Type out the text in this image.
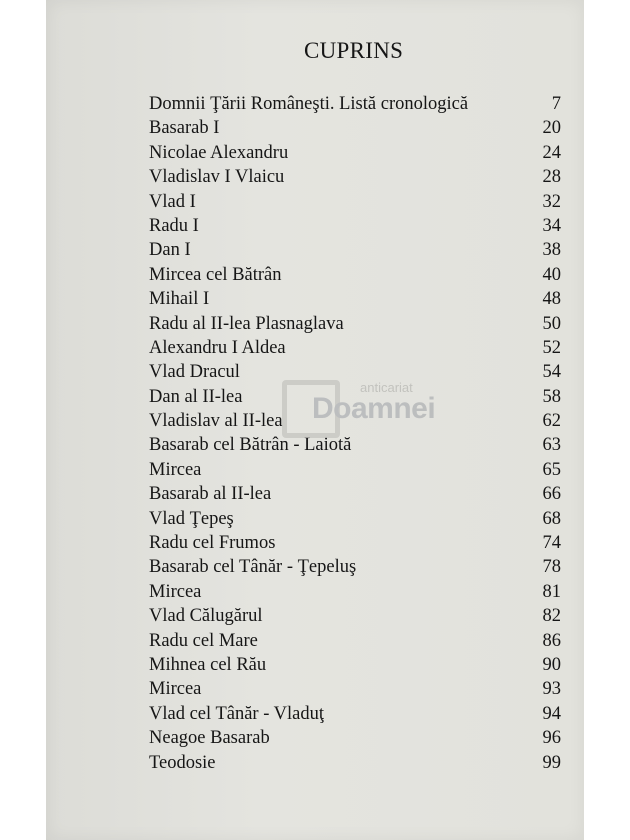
CUPRINS
Domnii Ţării Româneşti. Listă cronologică	7
Basarab I	20
Nicolae Alexandru	24
Vladislav I Vlaicu	28
Vlad I	32
Radu I	34
Dan I	38
Mircea cel Bătrân	40
Mihail I	48
Radu al II-lea Plasnaglava	50
Alexandru I Aldea	52
Vlad Dracul	54
Dan al II-lea	58
Vladislav al II-lea	62
Basarab cel Bătrân - Laiotă	63
Mircea	65
Basarab al II-lea	66
Vlad Ţepeş	68
Radu cel Frumos	74
Basarab cel Tânăr - Ţepeluş	78
Mircea	81
Vlad Călugărul	82
Radu cel Mare	86
Mihnea cel Rău	90
Mircea	93
Vlad cel Tânăr - Vladuţ	94
Neagoe Basarab	96
Teodosie	99
anticariat
Doamnei
